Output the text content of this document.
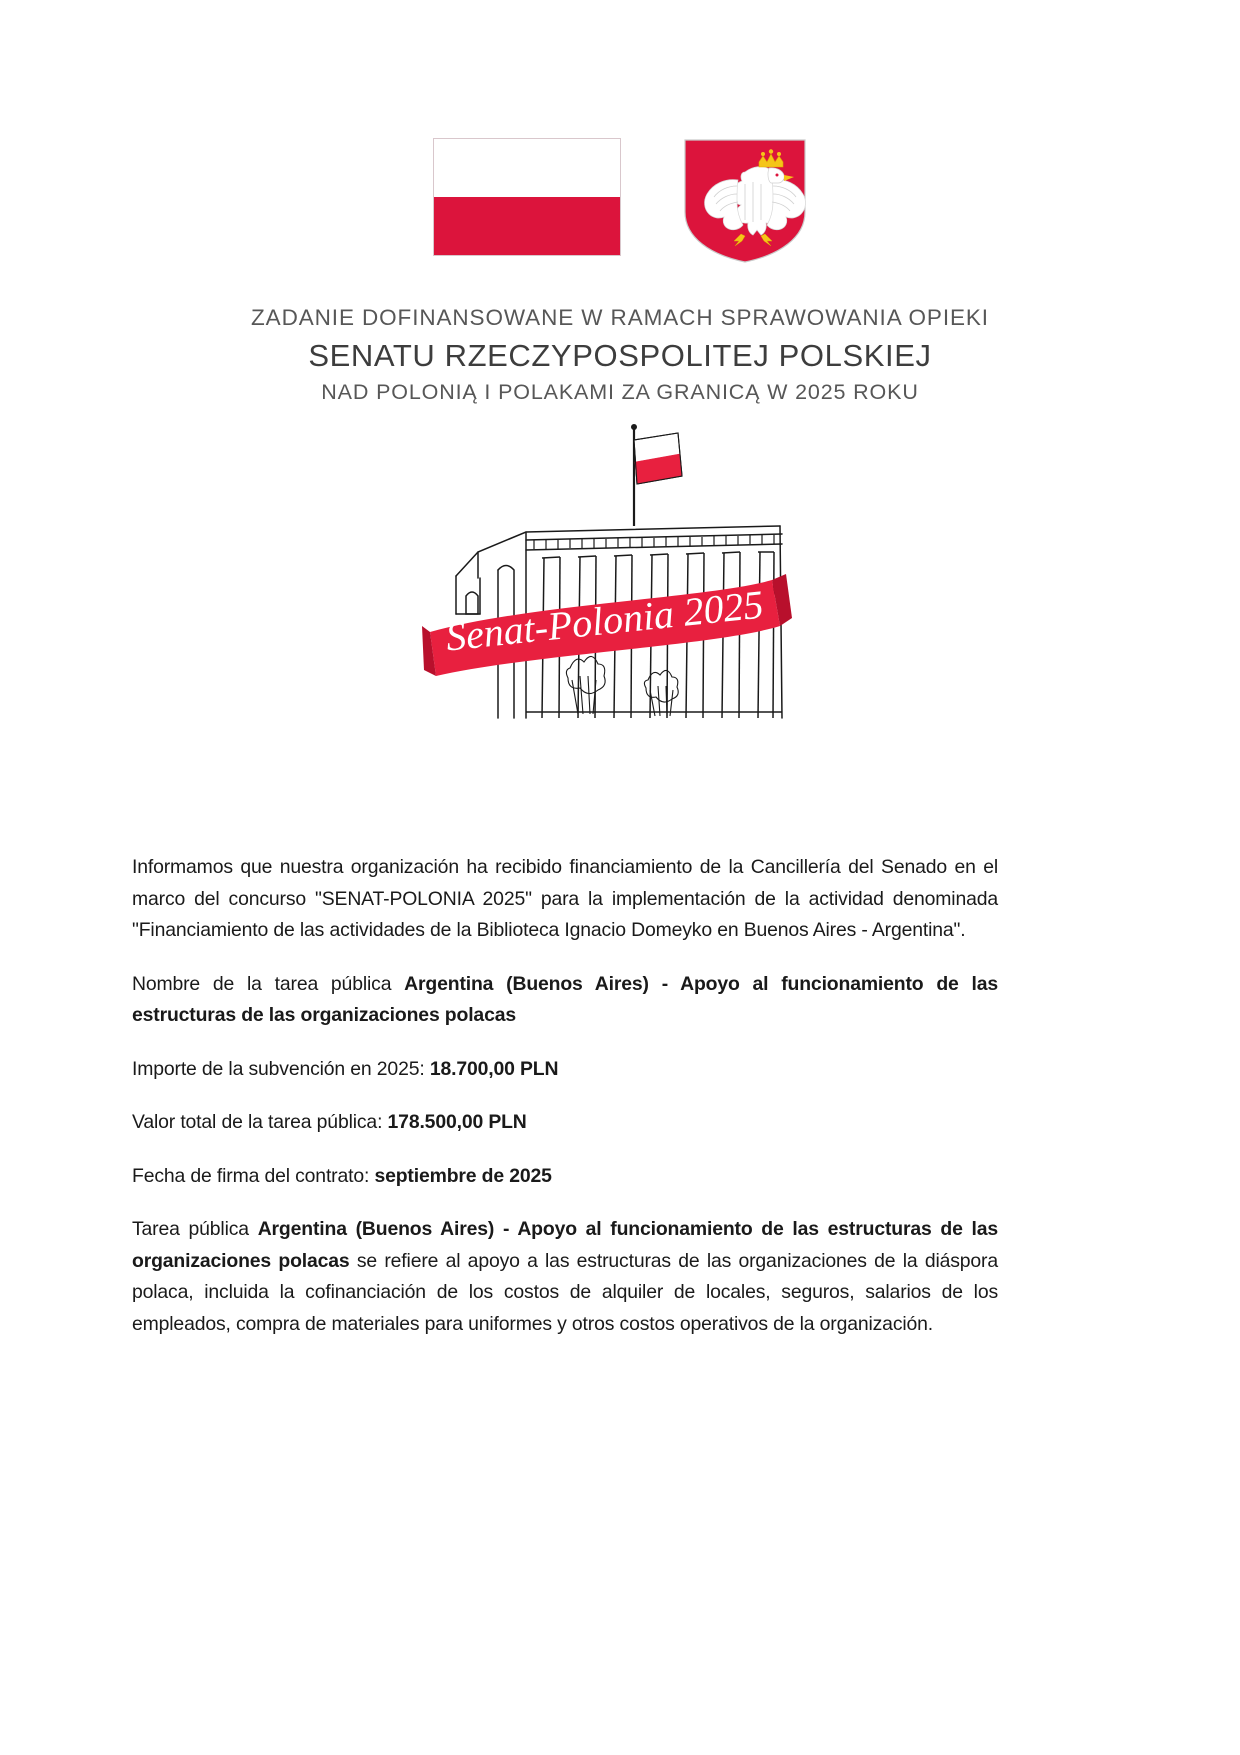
ZADANIE DOFINANSOWANE W RAMACH SPRAWOWANIA OPIEKI
SENATU RZECZYPOSPOLITEJ POLSKIEJ
NAD POLONIĄ I POLAKAMI ZA GRANICĄ W 2025 ROKU
Senat-Polonia 2025

Informamos que nuestra organización ha recibido financiamiento de la Cancillería del Senado en el marco del concurso "SENAT-POLONIA 2025" para la implementación de la actividad denominada "Financiamiento de las actividades de la Biblioteca Ignacio Domeyko en Buenos Aires - Argentina".

Nombre de la tarea pública Argentina (Buenos Aires) - Apoyo al funcionamiento de las estructuras de las organizaciones polacas

Importe de la subvención en 2025: 18.700,00 PLN

Valor total de la tarea pública: 178.500,00 PLN

Fecha de firma del contrato: septiembre de 2025

Tarea pública Argentina (Buenos Aires) - Apoyo al funcionamiento de las estructuras de las organizaciones polacas se refiere al apoyo a las estructuras de las organizaciones de la diáspora polaca, incluida la cofinanciación de los costos de alquiler de locales, seguros, salarios de los empleados, compra de materiales para uniformes y otros costos operativos de la organización.
